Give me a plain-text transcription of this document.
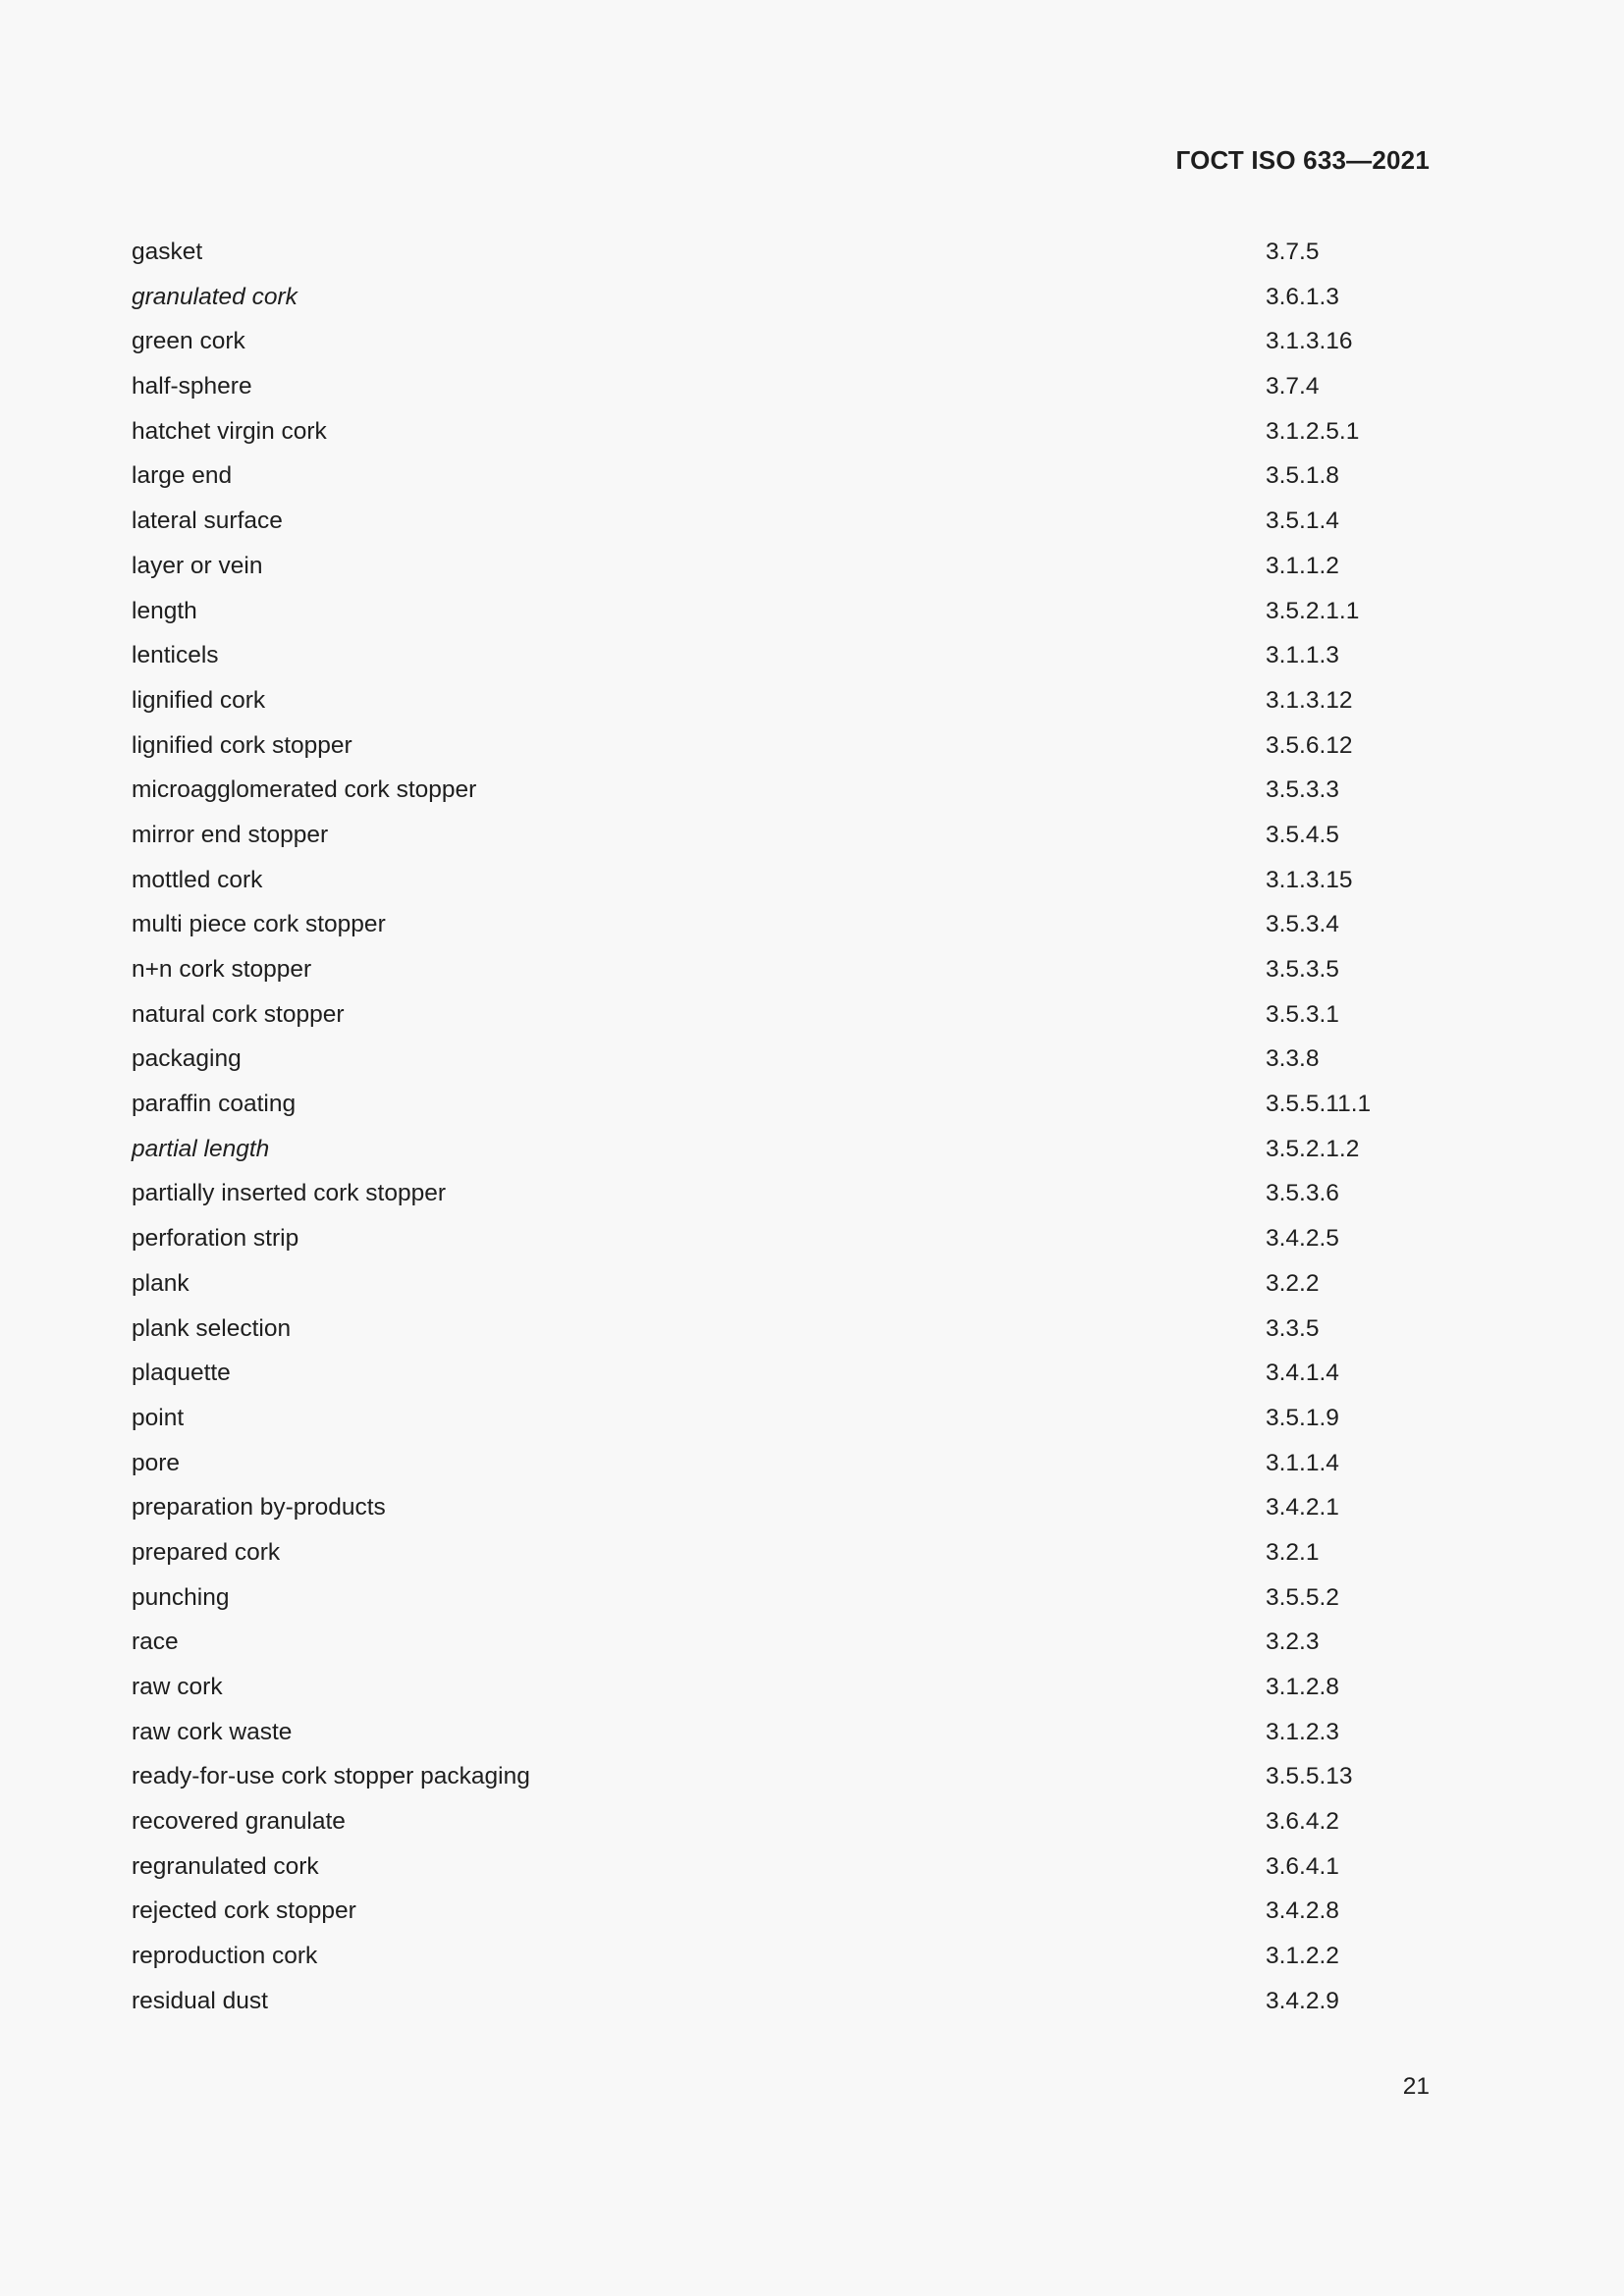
ГОСТ ISO 633—2021
gasket	3.7.5
granulated cork	3.6.1.3
green cork	3.1.3.16
half-sphere	3.7.4
hatchet virgin cork	3.1.2.5.1
large end	3.5.1.8
lateral surface	3.5.1.4
layer or vein	3.1.1.2
length	3.5.2.1.1
lenticels	3.1.1.3
lignified cork	3.1.3.12
lignified cork stopper	3.5.6.12
microagglomerated cork stopper	3.5.3.3
mirror end stopper	3.5.4.5
mottled cork	3.1.3.15
multi piece cork stopper	3.5.3.4
n+n cork stopper	3.5.3.5
natural cork stopper	3.5.3.1
packaging	3.3.8
paraffin coating	3.5.5.11.1
partial length	3.5.2.1.2
partially inserted cork stopper	3.5.3.6
perforation strip	3.4.2.5
plank	3.2.2
plank selection	3.3.5
plaquette	3.4.1.4
point	3.5.1.9
pore	3.1.1.4
preparation by-products	3.4.2.1
prepared cork	3.2.1
punching	3.5.5.2
race	3.2.3
raw cork	3.1.2.8
raw cork waste	3.1.2.3
ready-for-use cork stopper packaging	3.5.5.13
recovered granulate	3.6.4.2
regranulated cork	3.6.4.1
rejected cork stopper	3.4.2.8
reproduction cork	3.1.2.2
residual dust	3.4.2.9
21
